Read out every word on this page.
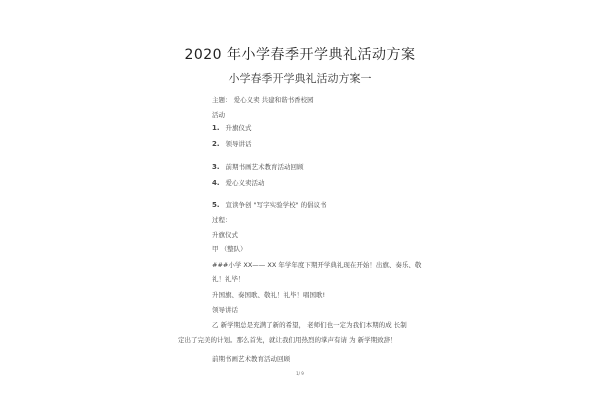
2020 年小学春季开学典礼活动方案
小学春季开学典礼活动方案一
主题： 爱心义卖 共建和谐书香校园
活动
1. 升旗仪式
2. 领导讲话
3. 前期书画艺术教育活动回顾
4. 爱心义卖活动
5. 宣读争创 "写字实验学校" 的倡议书
过程：
升旗仪式
甲 （整队）
###小学 XX—— XX 年学年度下期开学典礼现在开始！出旗、奏乐、敬
礼！礼毕！
升国旗、奏国歌、敬礼！礼毕！唱国歌!
领导讲话
乙 新学期总是充满了新的希望， 老师们也一定为我们本期的成 长制
定出了完美的计划。那么首先，就让我们用热烈的掌声有请 为 新学期致辞！
前期书画艺术教育活动回顾
1/ 9
